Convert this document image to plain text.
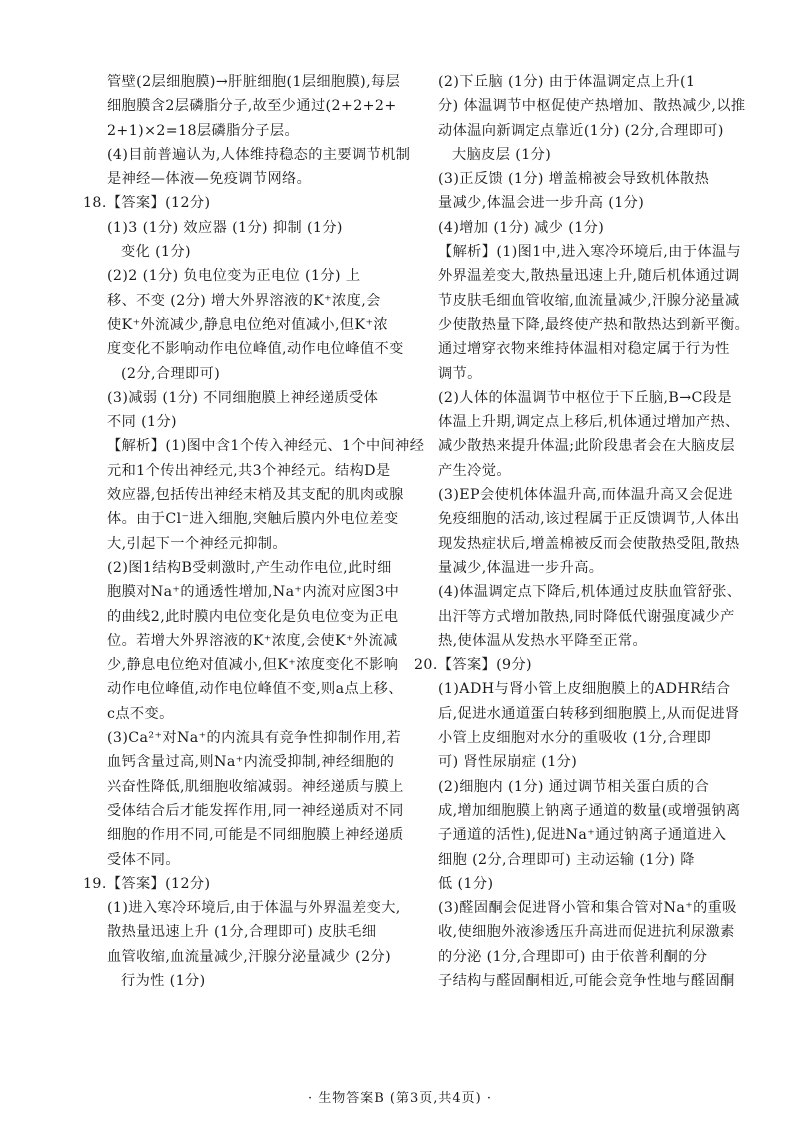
管壁(2层细胞膜)→肝脏细胞(1层细胞膜),每层
细胞膜含2层磷脂分子,故至少通过(2+2+2+
2+1)×2=18层磷脂分子层。
(4)目前普遍认为,人体维持稳态的主要调节机制
是神经—体液—免疫调节网络。
18.【答案】(12分)
(1)3 (1分) 效应器 (1分) 抑制 (1分)
变化 (1分)
(2)2 (1分) 负电位变为正电位 (1分) 上
移、不变 (2分) 增大外界溶液的K⁺浓度,会
使K⁺外流减少,静息电位绝对值减小,但K⁺浓
度变化不影响动作电位峰值,动作电位峰值不变
(2分,合理即可)
(3)减弱 (1分) 不同细胞膜上神经递质受体
不同 (1分)
【解析】(1)图中含1个传入神经元、1个中间神经
元和1个传出神经元,共3个神经元。结构D是
效应器,包括传出神经末梢及其支配的肌肉或腺
体。由于Cl⁻进入细胞,突触后膜内外电位差变
大,引起下一个神经元抑制。
(2)图1结构B受刺激时,产生动作电位,此时细
胞膜对Na⁺的通透性增加,Na⁺内流对应图3中
的曲线2,此时膜内电位变化是负电位变为正电
位。若增大外界溶液的K⁺浓度,会使K⁺外流减
少,静息电位绝对值减小,但K⁺浓度变化不影响
动作电位峰值,动作电位峰值不变,则a点上移、
c点不变。
(3)Ca²⁺对Na⁺的内流具有竞争性抑制作用,若
血钙含量过高,则Na⁺内流受抑制,神经细胞的
兴奋性降低,肌细胞收缩减弱。神经递质与膜上
受体结合后才能发挥作用,同一神经递质对不同
细胞的作用不同,可能是不同细胞膜上神经递质
受体不同。
19.【答案】(12分)
(1)进入寒冷环境后,由于体温与外界温差变大,
散热量迅速上升 (1分,合理即可) 皮肤毛细
血管收缩,血流量减少,汗腺分泌量减少 (2分)
行为性 (1分)
(2)下丘脑 (1分) 由于体温调定点上升(1
分) 体温调节中枢促使产热增加、散热减少,以推
动体温向新调定点靠近(1分) (2分,合理即可)
大脑皮层 (1分)
(3)正反馈 (1分) 增盖棉被会导致机体散热
量减少,体温会进一步升高 (1分)
(4)增加 (1分) 减少 (1分)
【解析】(1)图1中,进入寒冷环境后,由于体温与
外界温差变大,散热量迅速上升,随后机体通过调
节皮肤毛细血管收缩,血流量减少,汗腺分泌量减
少使散热量下降,最终使产热和散热达到新平衡。
通过增穿衣物来维持体温相对稳定属于行为性
调节。
(2)人体的体温调节中枢位于下丘脑,B→C段是
体温上升期,调定点上移后,机体通过增加产热、
减少散热来提升体温;此阶段患者会在大脑皮层
产生冷觉。
(3)EP会使机体体温升高,而体温升高又会促进
免疫细胞的活动,该过程属于正反馈调节,人体出
现发热症状后,增盖棉被反而会使散热受阻,散热
量减少,体温进一步升高。
(4)体温调定点下降后,机体通过皮肤血管舒张、
出汗等方式增加散热,同时降低代谢强度减少产
热,使体温从发热水平降至正常。
20.【答案】(9分)
(1)ADH与肾小管上皮细胞膜上的ADHR结合
后,促进水通道蛋白转移到细胞膜上,从而促进肾
小管上皮细胞对水分的重吸收 (1分,合理即
可) 肾性尿崩症 (1分)
(2)细胞内 (1分) 通过调节相关蛋白质的合
成,增加细胞膜上钠离子通道的数量(或增强钠离
子通道的活性),促进Na⁺通过钠离子通道进入
细胞 (2分,合理即可) 主动运输 (1分) 降
低 (1分)
(3)醛固酮会促进肾小管和集合管对Na⁺的重吸
收,使细胞外液渗透压升高进而促进抗利尿激素
的分泌 (1分,合理即可) 由于依普利酮的分
子结构与醛固酮相近,可能会竞争性地与醛固酮
· 生物答案B (第3页,共4页) ·
